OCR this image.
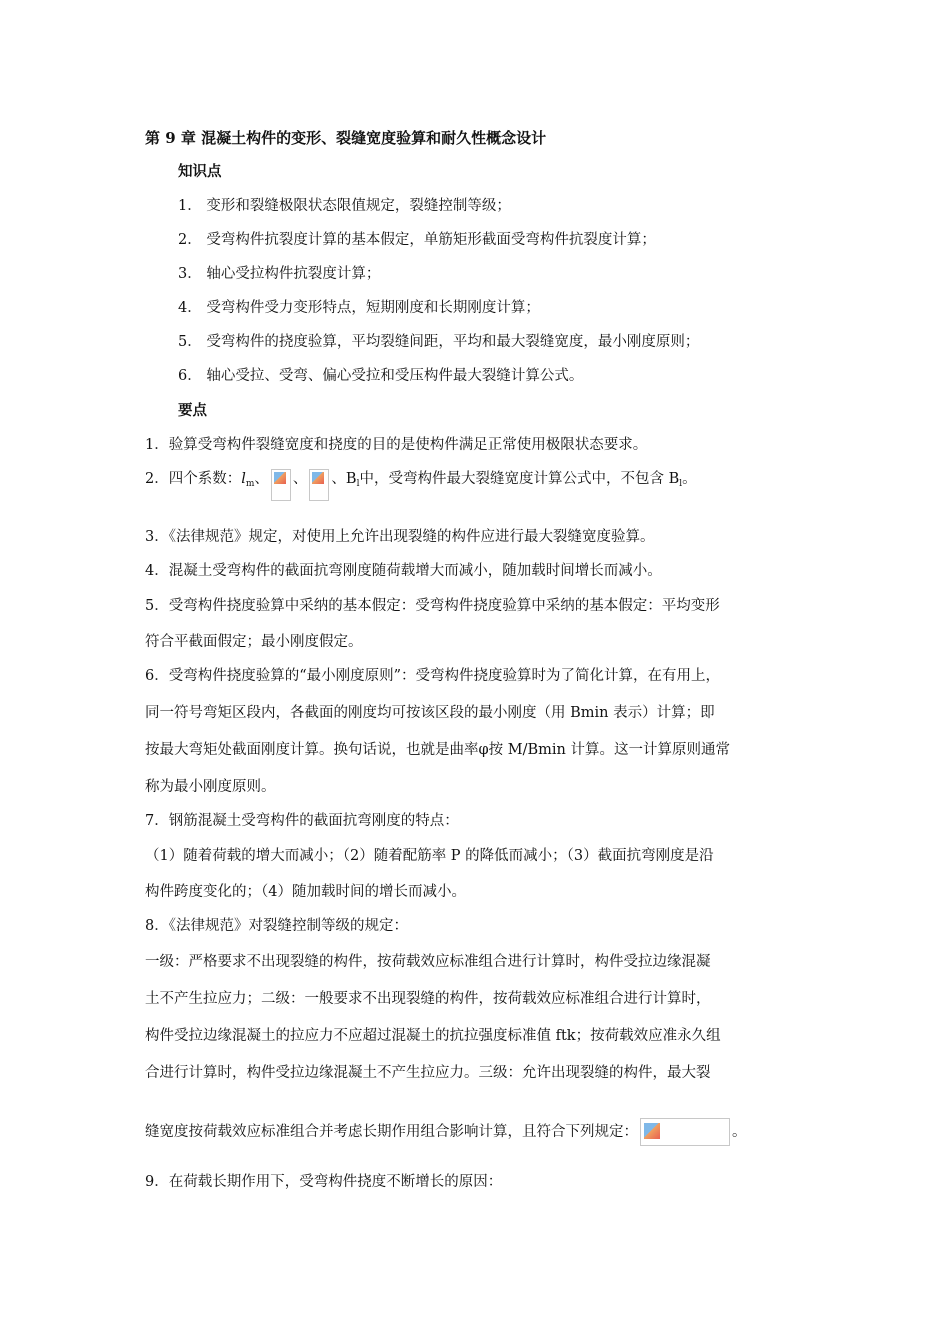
第 9 章 混凝土构件的变形、裂缝宽度验算和耐久性概念设计
知识点
1． 变形和裂缝极限状态限值规定，裂缝控制等级；
2． 受弯构件抗裂度计算的基本假定，单筋矩形截面受弯构件抗裂度计算；
3． 轴心受拉构件抗裂度计算；
4． 受弯构件受力变形特点，短期刚度和长期刚度计算；
5． 受弯构件的挠度验算，平均裂缝间距，平均和最大裂缝宽度，最小刚度原则；
6． 轴心受拉、受弯、偏心受拉和受压构件最大裂缝计算公式。
要点
1．验算受弯构件裂缝宽度和挠度的目的是使构件满足正常使用极限状态要求。
2．四个系数：$l_m$、 、 、$B_l$中，受弯构件最大裂缝宽度计算公式中，不包含 $B_l$。
3．《法律规范》规定，对使用上允许出现裂缝的构件应进行最大裂缝宽度验算。
4．混凝土受弯构件的截面抗弯刚度随荷载增大而减小，随加载时间增长而减小。
5．受弯构件挠度验算中采纳的基本假定：受弯构件挠度验算中采纳的基本假定：平均变形
符合平截面假定；最小刚度假定。
6．受弯构件挠度验算的“最小刚度原则”：受弯构件挠度验算时为了简化计算，在有用上，
同一符号弯矩区段内，各截面的刚度均可按该区段的最小刚度（用 Bmin 表示）计算；即
按最大弯矩处截面刚度计算。换句话说，也就是曲率φ按 M/Bmin 计算。这一计算原则通常
称为最小刚度原则。
7．钢筋混凝土受弯构件的截面抗弯刚度的特点：
（1）随着荷载的增大而减小；（2）随着配筋率 P 的降低而减小；（3）截面抗弯刚度是沿
构件跨度变化的；（4）随加载时间的增长而减小。
8．《法律规范》对裂缝控制等级的规定：
一级：严格要求不出现裂缝的构件，按荷载效应标准组合进行计算时，构件受拉边缘混凝
土不产生拉应力；二级：一般要求不出现裂缝的构件，按荷载效应标准组合进行计算时，
构件受拉边缘混凝土的拉应力不应超过混凝土的抗拉强度标准值 ftk；按荷载效应准永久组
合进行计算时，构件受拉边缘混凝土不产生拉应力。三级：允许出现裂缝的构件，最大裂
缝宽度按荷载效应标准组合并考虑长期作用组合影响计算，且符合下列规定：	。
9．在荷载长期作用下，受弯构件挠度不断增长的原因：
